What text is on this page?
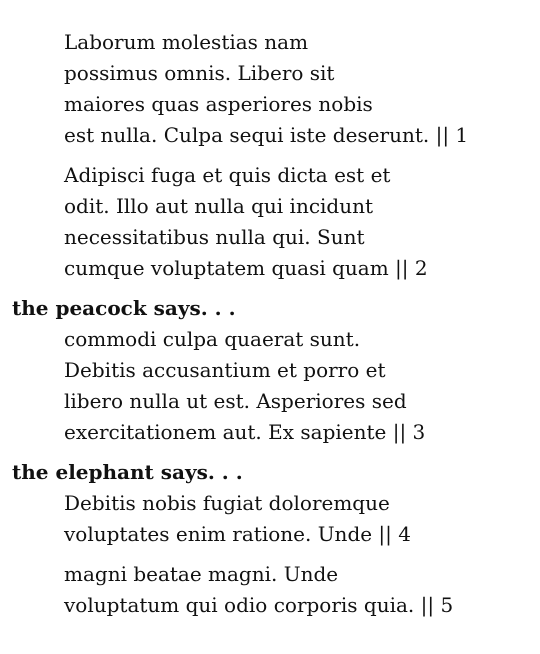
Laborum molestias nam

possimus omnis. Libero sit

maiores quas asperiores nobis

est nulla. Culpa sequi iste deserunt. || 1

Adipisci fuga et quis dicta est et

odit. Illo aut nulla qui incidunt

necessitatibus nulla qui. Sunt

cumque voluptatem quasi quam || 2

the peacock says. . .

commodi culpa quaerat sunt.

Debitis accusantium et porro et

libero nulla ut est. Asperiores sed

exercitationem aut. Ex sapiente || 3

the elephant says. . .

Debitis nobis fugiat doloremque

voluptates enim ratione. Unde || 4

magni beatae magni. Unde

voluptatum qui odio corporis quia. || 5
